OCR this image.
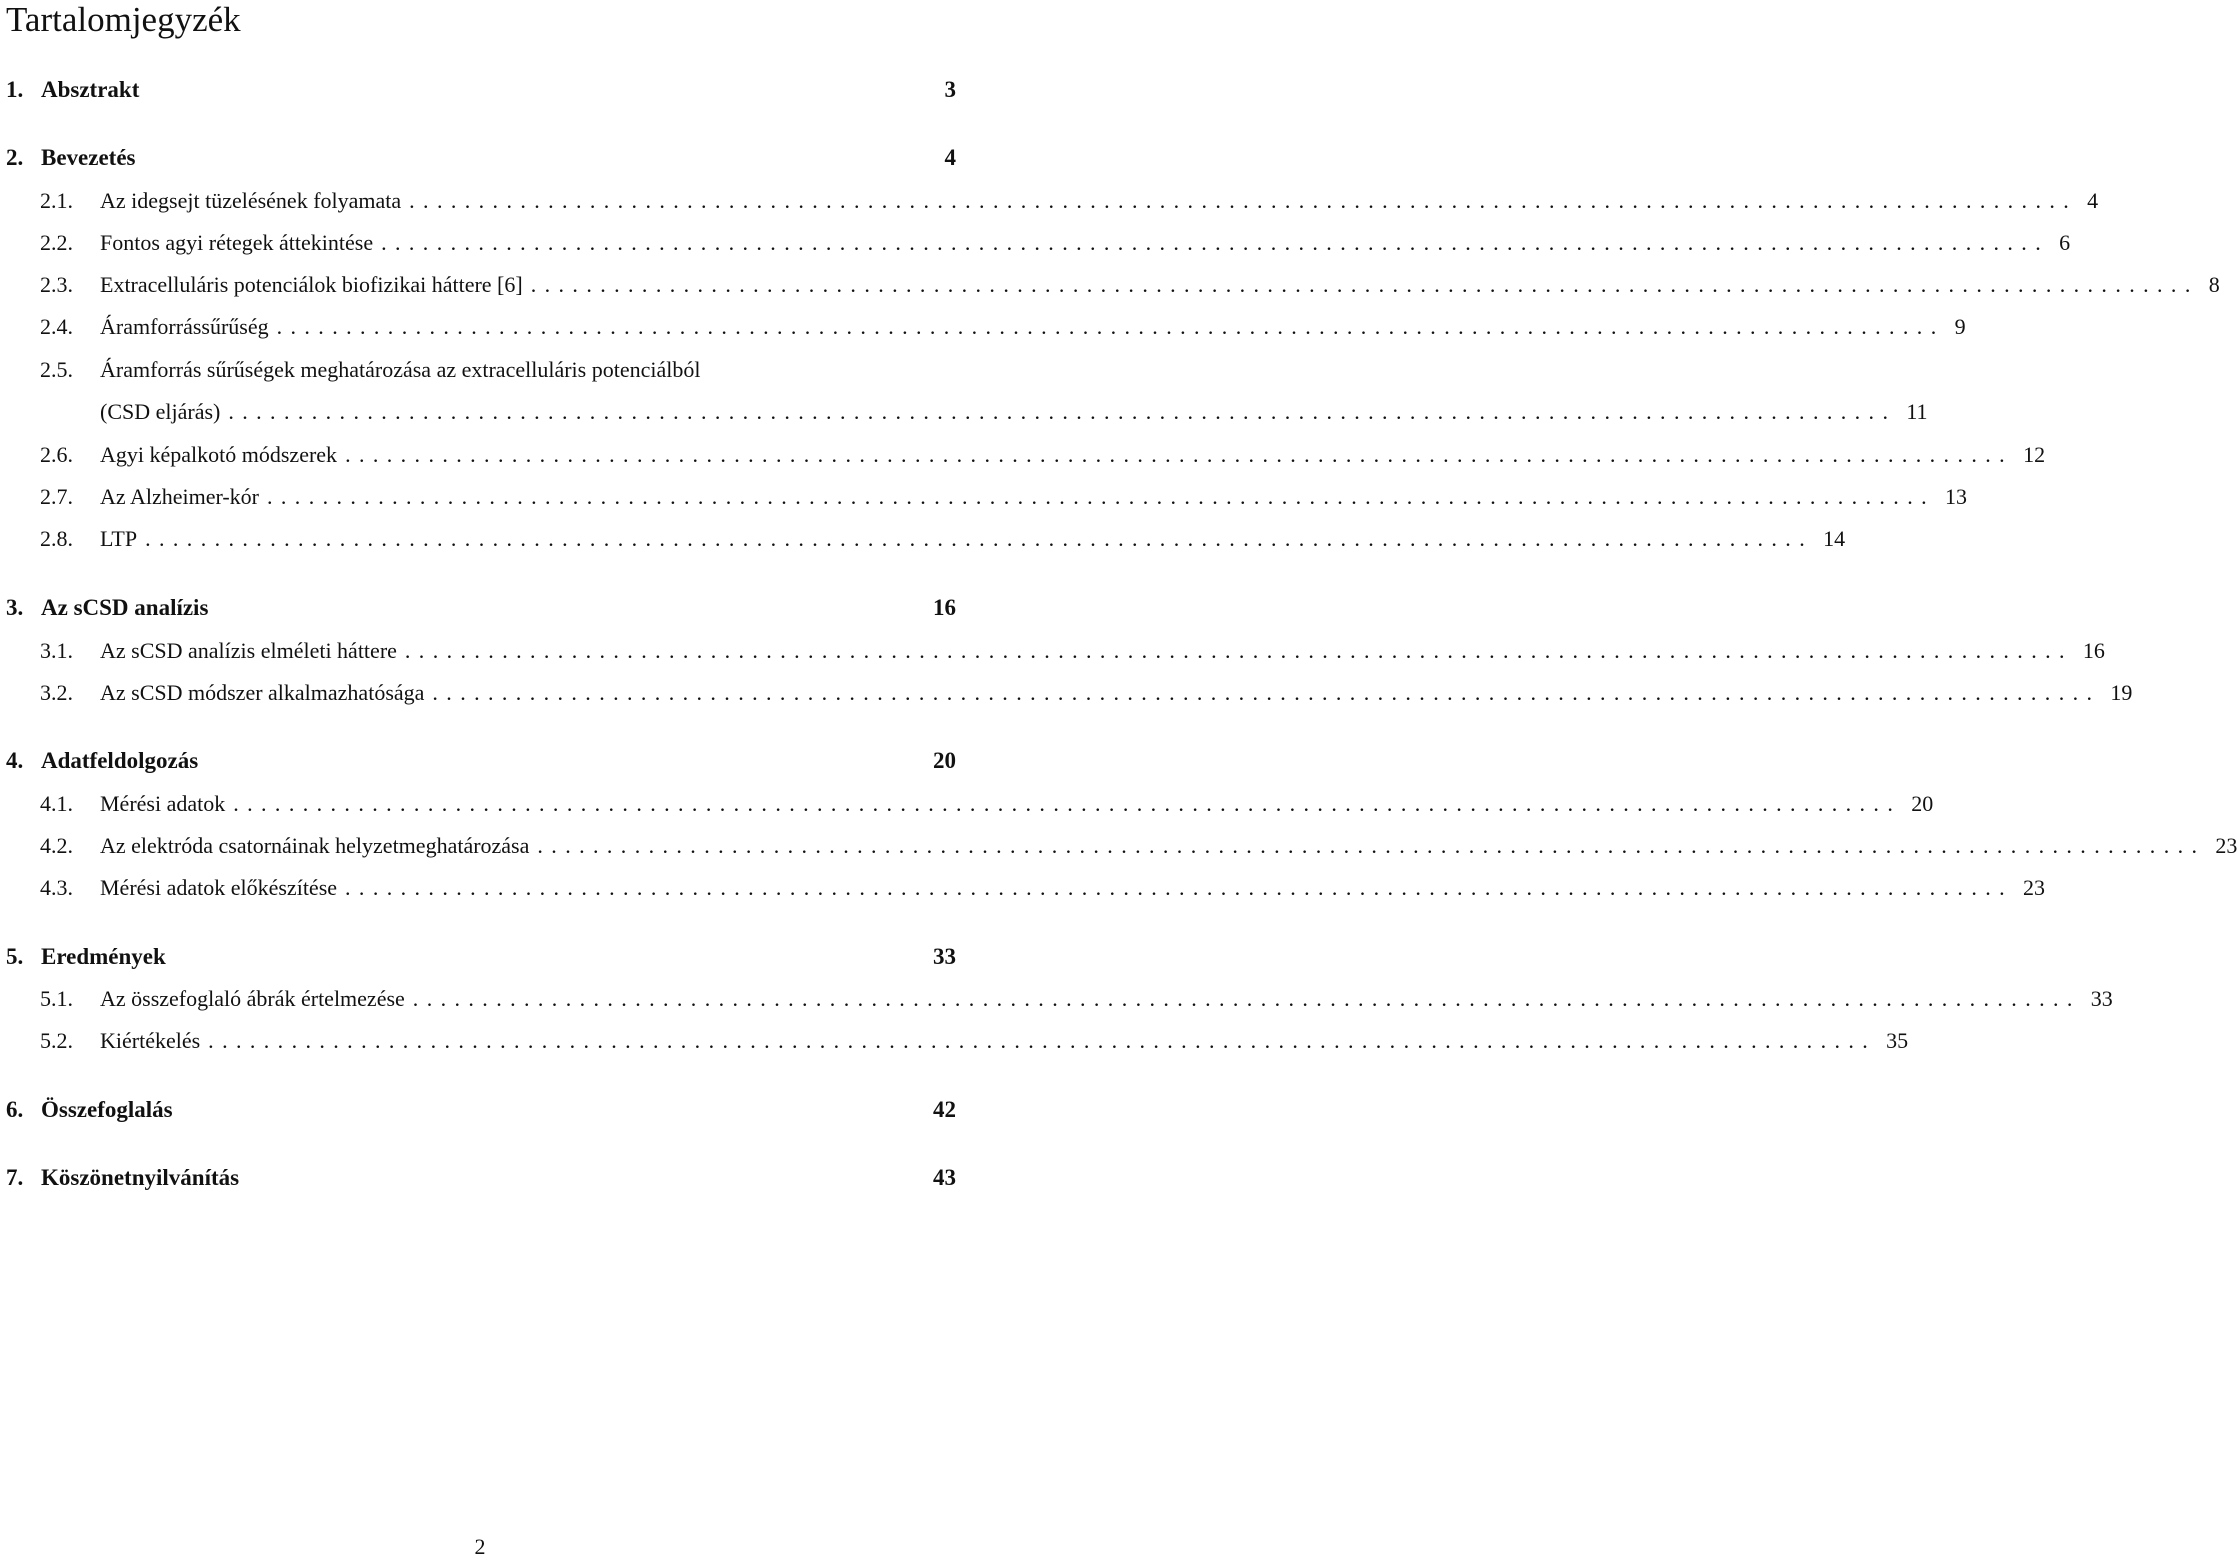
Tartalomjegyzék
1. Absztrakt	3
2. Bevezetés	4
2.1.	Az idegsejt tüzelésének folyamata ........................................................................................................................ 4
2.2.	Fontos agyi rétegek áttekintése ........................................................................................................................ 6
2.3.	Extracelluláris potenciálok biofizikai háttere [6] ........................................................................................................................ 8
2.4.	Áramforrássűrűség ........................................................................................................................ 9
2.5.	Áramforrás sűrűségek meghatározása az extracelluláris potenciálból
(CSD eljárás) ........................................................................................................................ 11
2.6.	Agyi képalkotó módszerek ........................................................................................................................ 12
2.7.	Az Alzheimer-kór ........................................................................................................................ 13
2.8.	LTP ........................................................................................................................ 14
3. Az sCSD analízis	16
3.1.	Az sCSD analízis elméleti háttere ........................................................................................................................ 16
3.2.	Az sCSD módszer alkalmazhatósága ........................................................................................................................ 19
4. Adatfeldolgozás	20
4.1.	Mérési adatok ........................................................................................................................ 20
4.2.	Az elektróda csatornáinak helyzetmeghatározása ........................................................................................................................ 23
4.3.	Mérési adatok előkészítése ........................................................................................................................ 23
5. Eredmények	33
5.1.	Az összefoglaló ábrák értelmezése ........................................................................................................................ 33
5.2.	Kiértékelés ........................................................................................................................ 35
6. Összefoglalás	42
7. Köszönetnyilvánítás	43
2
